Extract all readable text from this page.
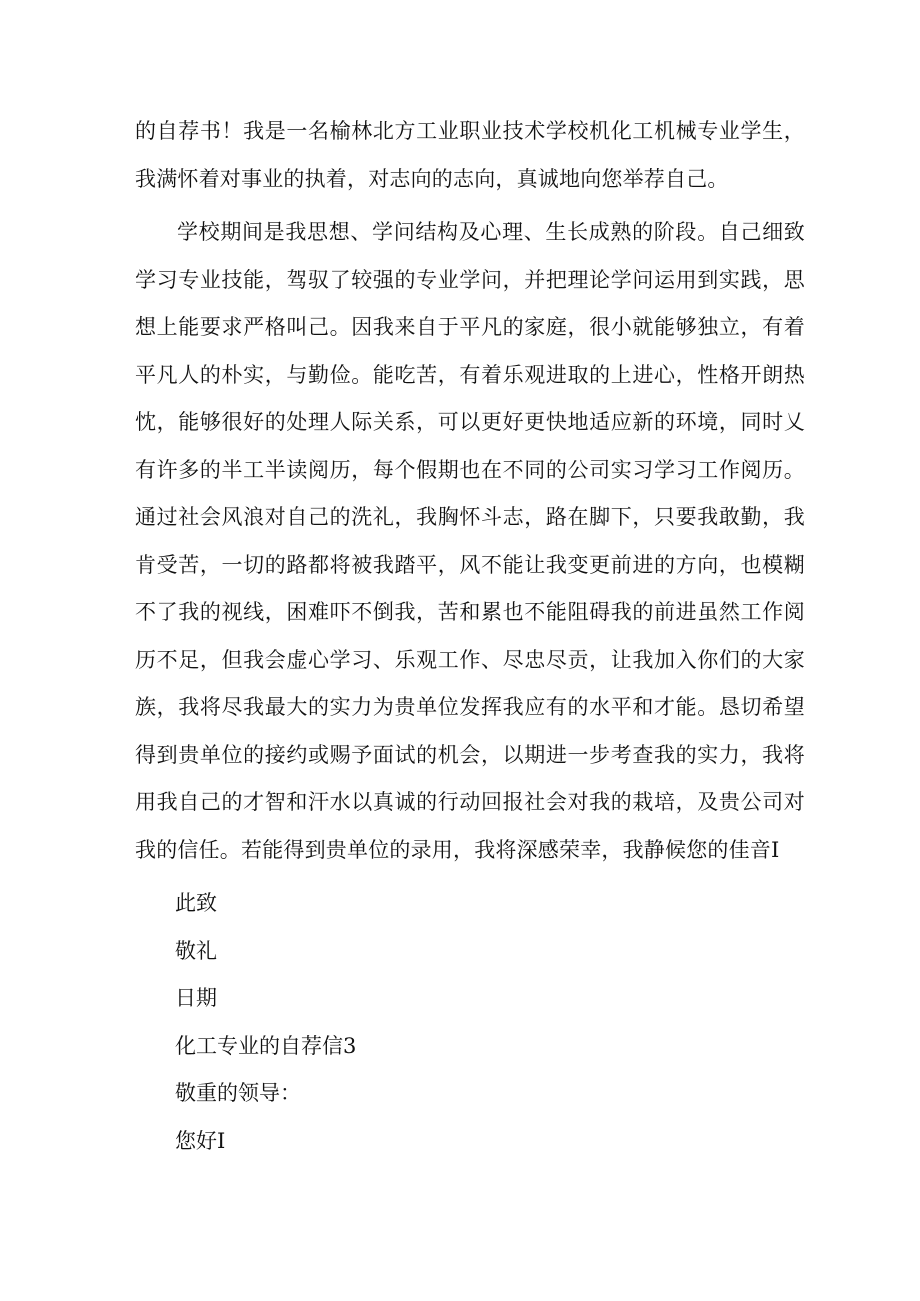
的自荐书！我是一名榆林北方工业职业技术学校机化工机械专业学生，我满怀着对事业的执着，对志向的志向，真诚地向您举荐自己。

学校期间是我思想、学问结构及心理、生长成熟的阶段。自己细致学习专业技能，驾驭了较强的专业学问，并把理论学问运用到实践，思想上能要求严格叫己。因我来自于平凡的家庭，很小就能够独立，有着平凡人的朴实，与勤俭。能吃苦，有着乐观进取的上进心，性格开朗热忱，能够很好的处理人际关系，可以更好更快地适应新的环境，同时乂有许多的半工半读阅历，每个假期也在不同的公司实习学习工作阅历。通过社会风浪对自己的洗礼，我胸怀斗志，路在脚下，只要我敢勤，我肯受苦，一切的路都将被我踏平，风不能让我变更前进的方向，也模糊不了我的视线，困难吓不倒我，苦和累也不能阻碍我的前进虽然工作阅历不足，但我会虚心学习、乐观工作、尽忠尽贡，让我加入你们的大家族，我将尽我最大的实力为贵单位发挥我应有的水平和才能。恳切希望得到贵单位的接约或赐予面试的机会，以期进一步考查我的实力，我将用我自己的才智和汗水以真诚的行动回报社会对我的栽培，及贵公司对我的信任。若能得到贵单位的录用，我将深感荣幸，我静候您的佳音I

此致

敬礼

日期

化工专业的自荐信3

敬重的领导：

您好I
